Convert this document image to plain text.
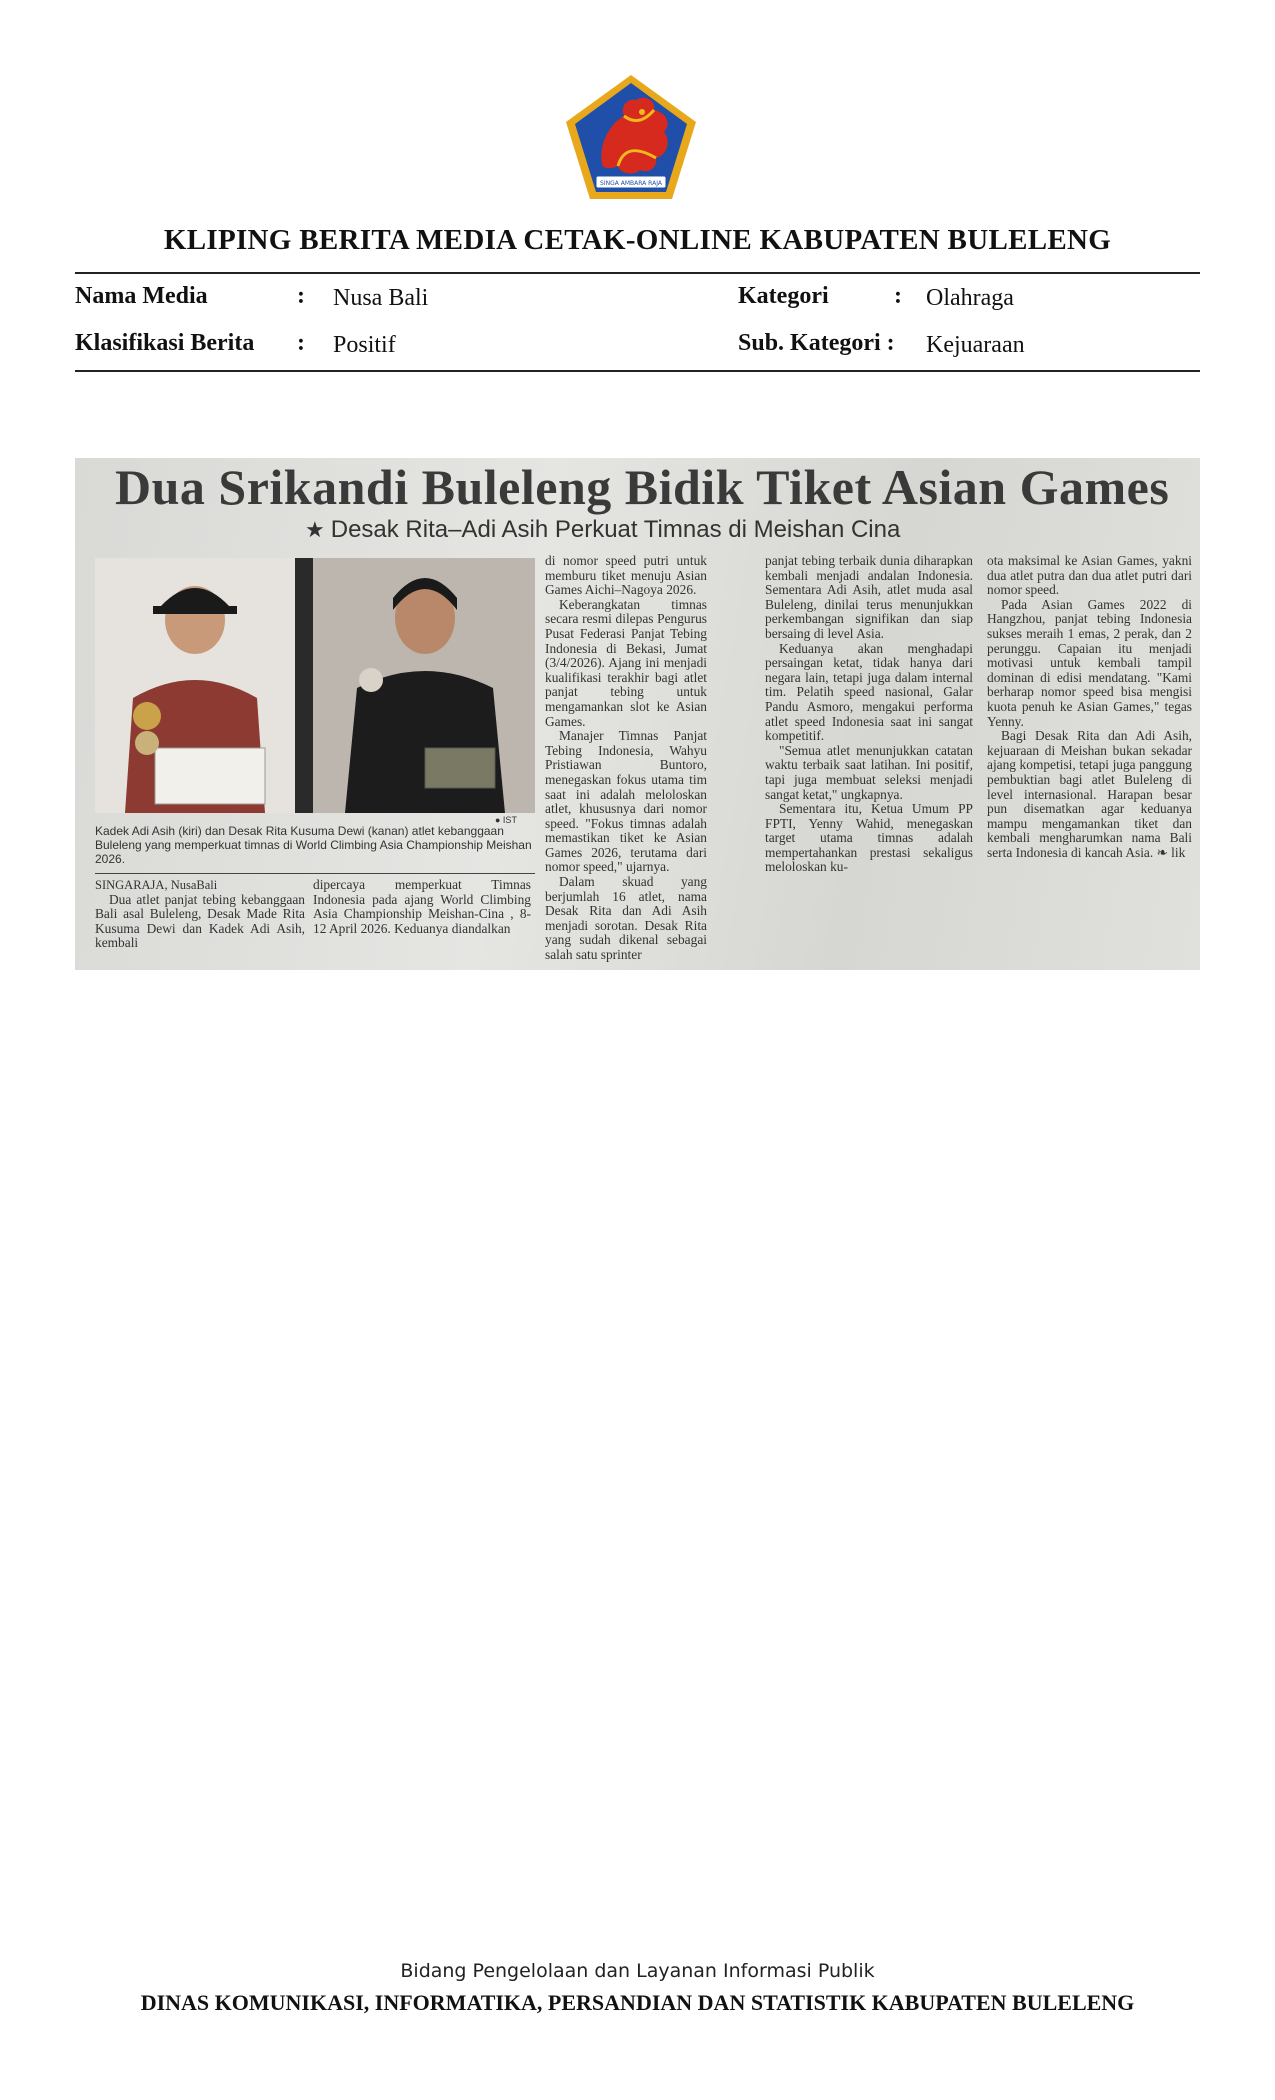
SINGA AMBARA RAJA
KLIPING BERITA MEDIA CETAK-ONLINE KABUPATEN BULELENG
Nama Media	: Nusa Bali
Klasifikasi Berita : Positif
Kategori	: Olahraga
Sub. Kategori : Kejuaraan
Dua Srikandi Buleleng Bidik Tiket Asian Games
★ Desak Rita–Adi Asih Perkuat Timnas di Meishan Cina
● IST
Kadek Adi Asih (kiri) dan Desak Rita Kusuma Dewi (kanan) atlet kebanggaan Buleleng yang memperkuat timnas di World Climbing Asia Championship Meishan 2026.

SINGARAJA, NusaBali

Dua atlet panjat tebing kebanggaan Bali asal Buleleng, Desak Made Rita Kusuma Dewi dan Kadek Adi Asih, kembali

dipercaya memperkuat Timnas Indonesia pada ajang World Climbing Asia Championship Meishan-Cina , 8-12 April 2026. Keduanya diandalkan

di nomor speed putri untuk memburu tiket menuju Asian Games Aichi–Nagoya 2026.

Keberangkatan timnas secara resmi dilepas Pengurus Pusat Federasi Panjat Tebing Indonesia di Bekasi, Jumat (3/4/2026). Ajang ini menjadi kualifikasi terakhir bagi atlet panjat tebing untuk mengamankan slot ke Asian Games.

Manajer Timnas Panjat Tebing Indonesia, Wahyu Pristiawan Buntoro, menegaskan fokus utama tim saat ini adalah meloloskan atlet, khususnya dari nomor speed. "Fokus timnas adalah memastikan tiket ke Asian Games 2026, terutama dari nomor speed," ujarnya.

Dalam skuad yang berjumlah 16 atlet, nama Desak Rita dan Adi Asih menjadi sorotan. Desak Rita yang sudah dikenal sebagai salah satu sprinter

panjat tebing terbaik dunia diharapkan kembali menjadi andalan Indonesia. Sementara Adi Asih, atlet muda asal Buleleng, dinilai terus menunjukkan perkembangan signifikan dan siap bersaing di level Asia.

Keduanya akan menghadapi persaingan ketat, tidak hanya dari negara lain, tetapi juga dalam internal tim. Pelatih speed nasional, Galar Pandu Asmoro, mengakui performa atlet speed Indonesia saat ini sangat kompetitif.

"Semua atlet menunjukkan catatan waktu terbaik saat latihan. Ini positif, tapi juga membuat seleksi menjadi sangat ketat," ungkapnya.

Sementara itu, Ketua Umum PP FPTI, Yenny Wahid, menegaskan target utama timnas adalah mempertahankan prestasi sekaligus meloloskan ku-

ota maksimal ke Asian Games, yakni dua atlet putra dan dua atlet putri dari nomor speed.

Pada Asian Games 2022 di Hangzhou, panjat tebing Indonesia sukses meraih 1 emas, 2 perak, dan 2 perunggu. Capaian itu menjadi motivasi untuk kembali tampil dominan di edisi mendatang. "Kami berharap nomor speed bisa mengisi kuota penuh ke Asian Games," tegas Yenny.

Bagi Desak Rita dan Adi Asih, kejuaraan di Meishan bukan sekadar ajang kompetisi, tetapi juga panggung pembuktian bagi atlet Buleleng di level internasional. Harapan besar pun disematkan agar keduanya mampu mengamankan tiket dan kembali mengharumkan nama Bali serta Indonesia di kancah Asia. ❧ lik

Bidang Pengelolaan dan Layanan Informasi Publik
DINAS KOMUNIKASI, INFORMATIKA, PERSANDIAN DAN STATISTIK KABUPATEN BULELENG
